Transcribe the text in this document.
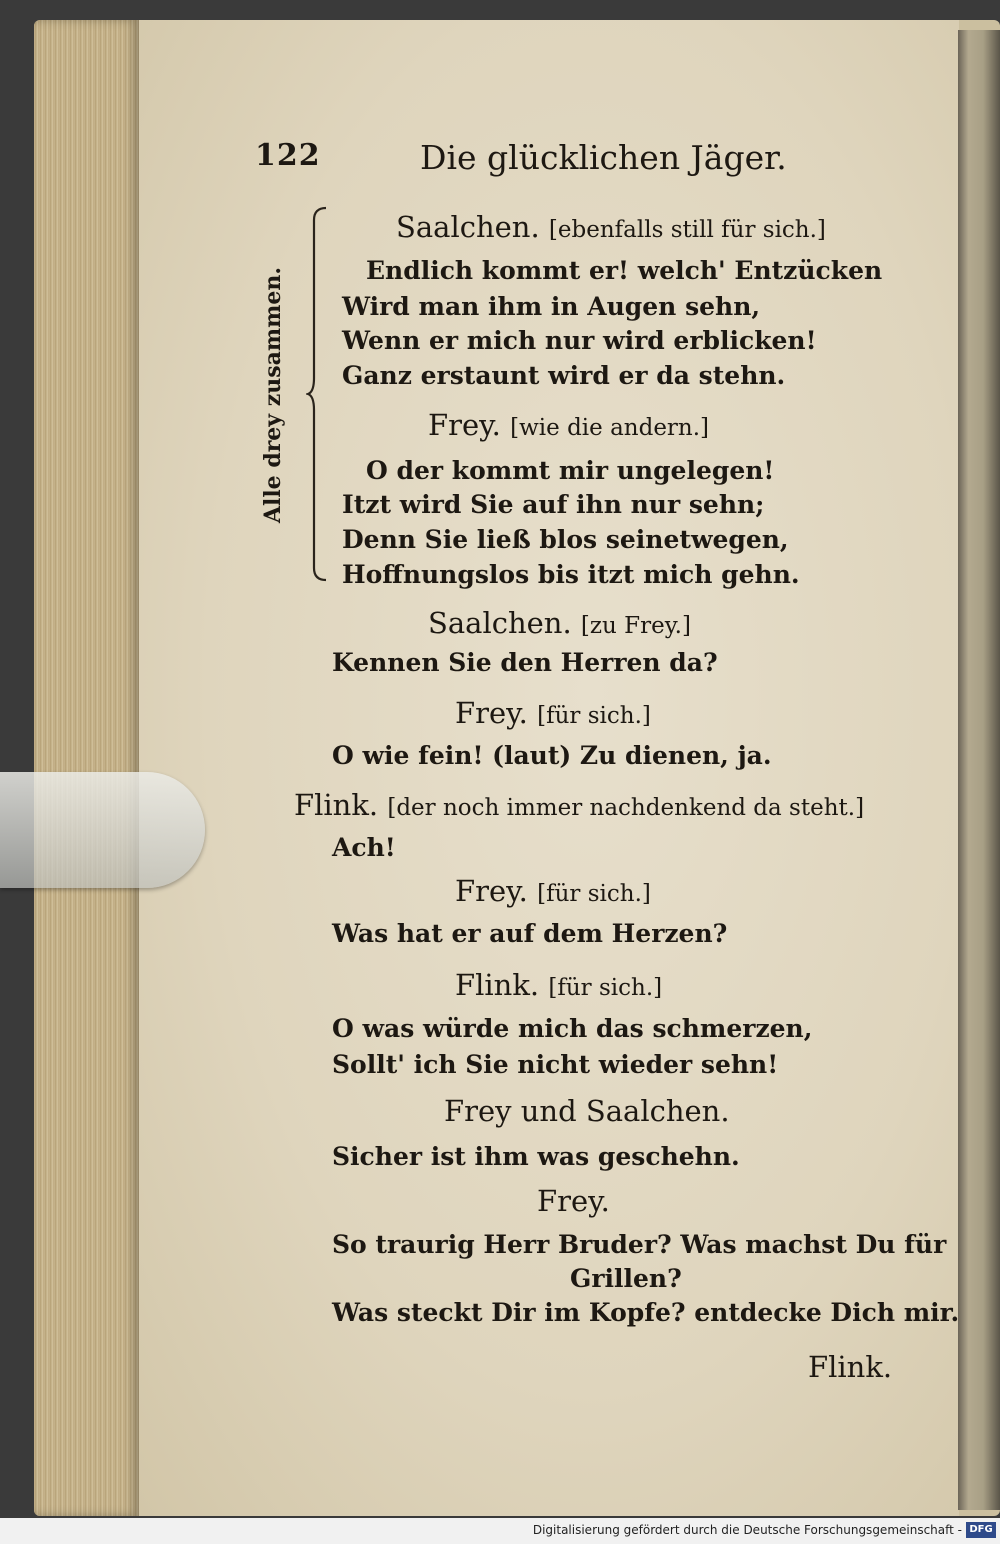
122	Die glücklichen Jäger.
Alle drey zusammen.
Saalchen. [ebenfalls still für sich.]
Endlich kommt er! welch' Entzücken
Wird man ihm in Augen sehn,
Wenn er mich nur wird erblicken!
Ganz erstaunt wird er da stehn.
Frey. [wie die andern.]
O der kommt mir ungelegen!
Itzt wird Sie auf ihn nur sehn;
Denn Sie ließ blos seinetwegen,
Hoffnungslos bis itzt mich gehn.
Saalchen. [zu Frey.]
Kennen Sie den Herren da?
Frey. [für sich.]
O wie fein! (laut) Zu dienen, ja.
Flink. [der noch immer nachdenkend da steht.]
Ach!
Frey. [für sich.]
Was hat er auf dem Herzen?
Flink. [für sich.]
O was würde mich das schmerzen,
Sollt' ich Sie nicht wieder sehn!
Frey und Saalchen.
Sicher ist ihm was geschehn.
Frey.
So traurig Herr Bruder? Was machst Du für
Grillen?
Was steckt Dir im Kopfe? entdecke Dich mir.
Flink.
Digitalisierung gefördert durch die Deutsche Forschungsgemeinschaft - DFG
